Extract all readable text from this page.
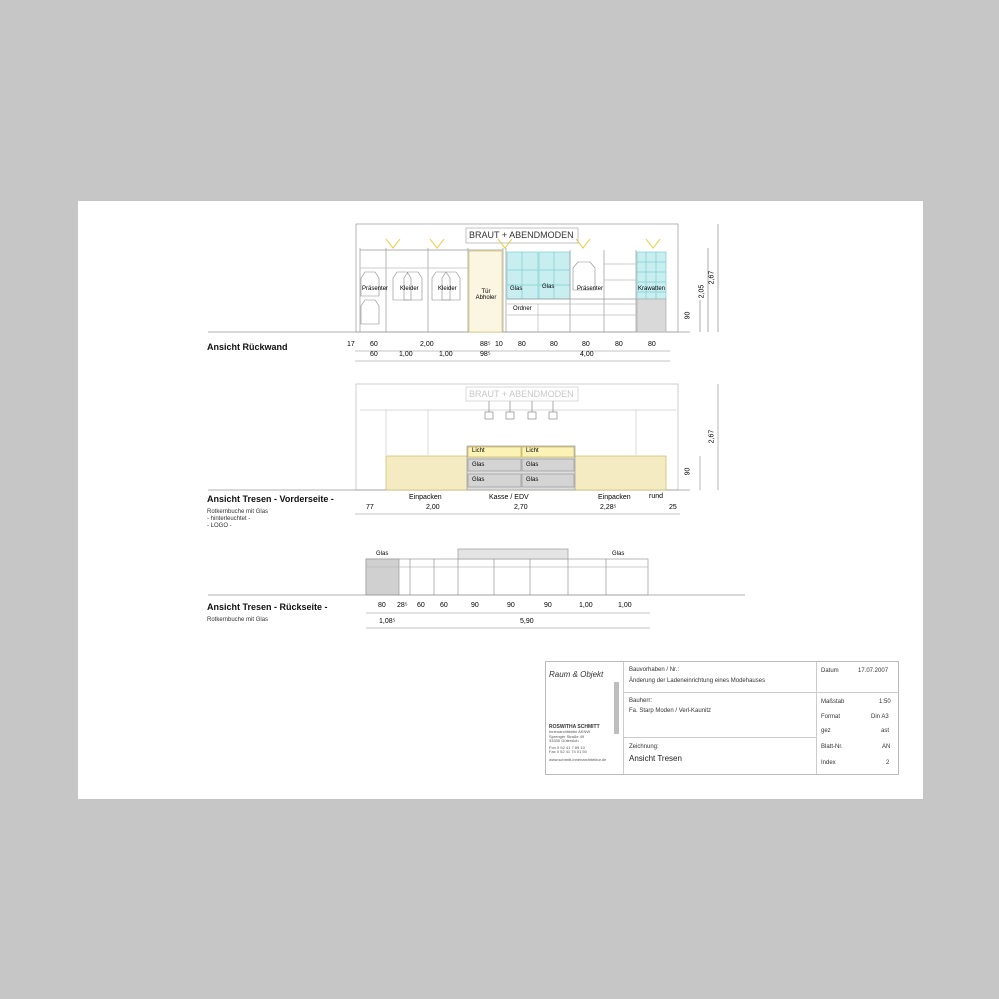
Ansicht Rückwand
BRAUT + ABENDMODEN
Präsenter Kleider	Kleider	Tür Abholer
Glas	Glas	Präsenter	Krawatten
Ordner
17 60	2,00	88⁵ 10 80	80	80	80	80
60	1,00	1,00	98⁵	4,00
90
2,05
2,67
Ansicht Tresen - Vorderseite -
BRAUT + ABENDMODEN
Rotkernbuche mit Glas
- hinterleuchtet -
- LOGO -
Licht	Licht
Glas	Glas
Glas	Glas
Einpacken	Kasse / EDV	Einpacken	rund
77	2,00	2,70	2,28⁵	25
90
2,67
Ansicht Tresen - Rückseite -
Rotkernbuche mit Glas
Glas	Glas
80 28⁵ 60 60	90	90	90	1,00	1,00
1,08⁵	5,90
Raum & Objekt
ROSWITHA SCHMITT
Innenarchitektin AKNW
Sprenger Straße 49
33330 Gütersloh
Fon 0 52 41 7 89 10
Fax 0 52 41 74 01 50
www.schmitt-innenarchitektur.de
Bauvorhaben / Nr.:
Änderung der Ladeneinrichtung eines Modehauses
Bauherr:
Fa. Starp Moden / Verl-Kaunitz
Zeichnung:
Ansicht Tresen
Datum	17.07.2007
Maßstab	1:50
Format	Din A3
gez	ast
Blatt-Nr.	AN
Index	2
